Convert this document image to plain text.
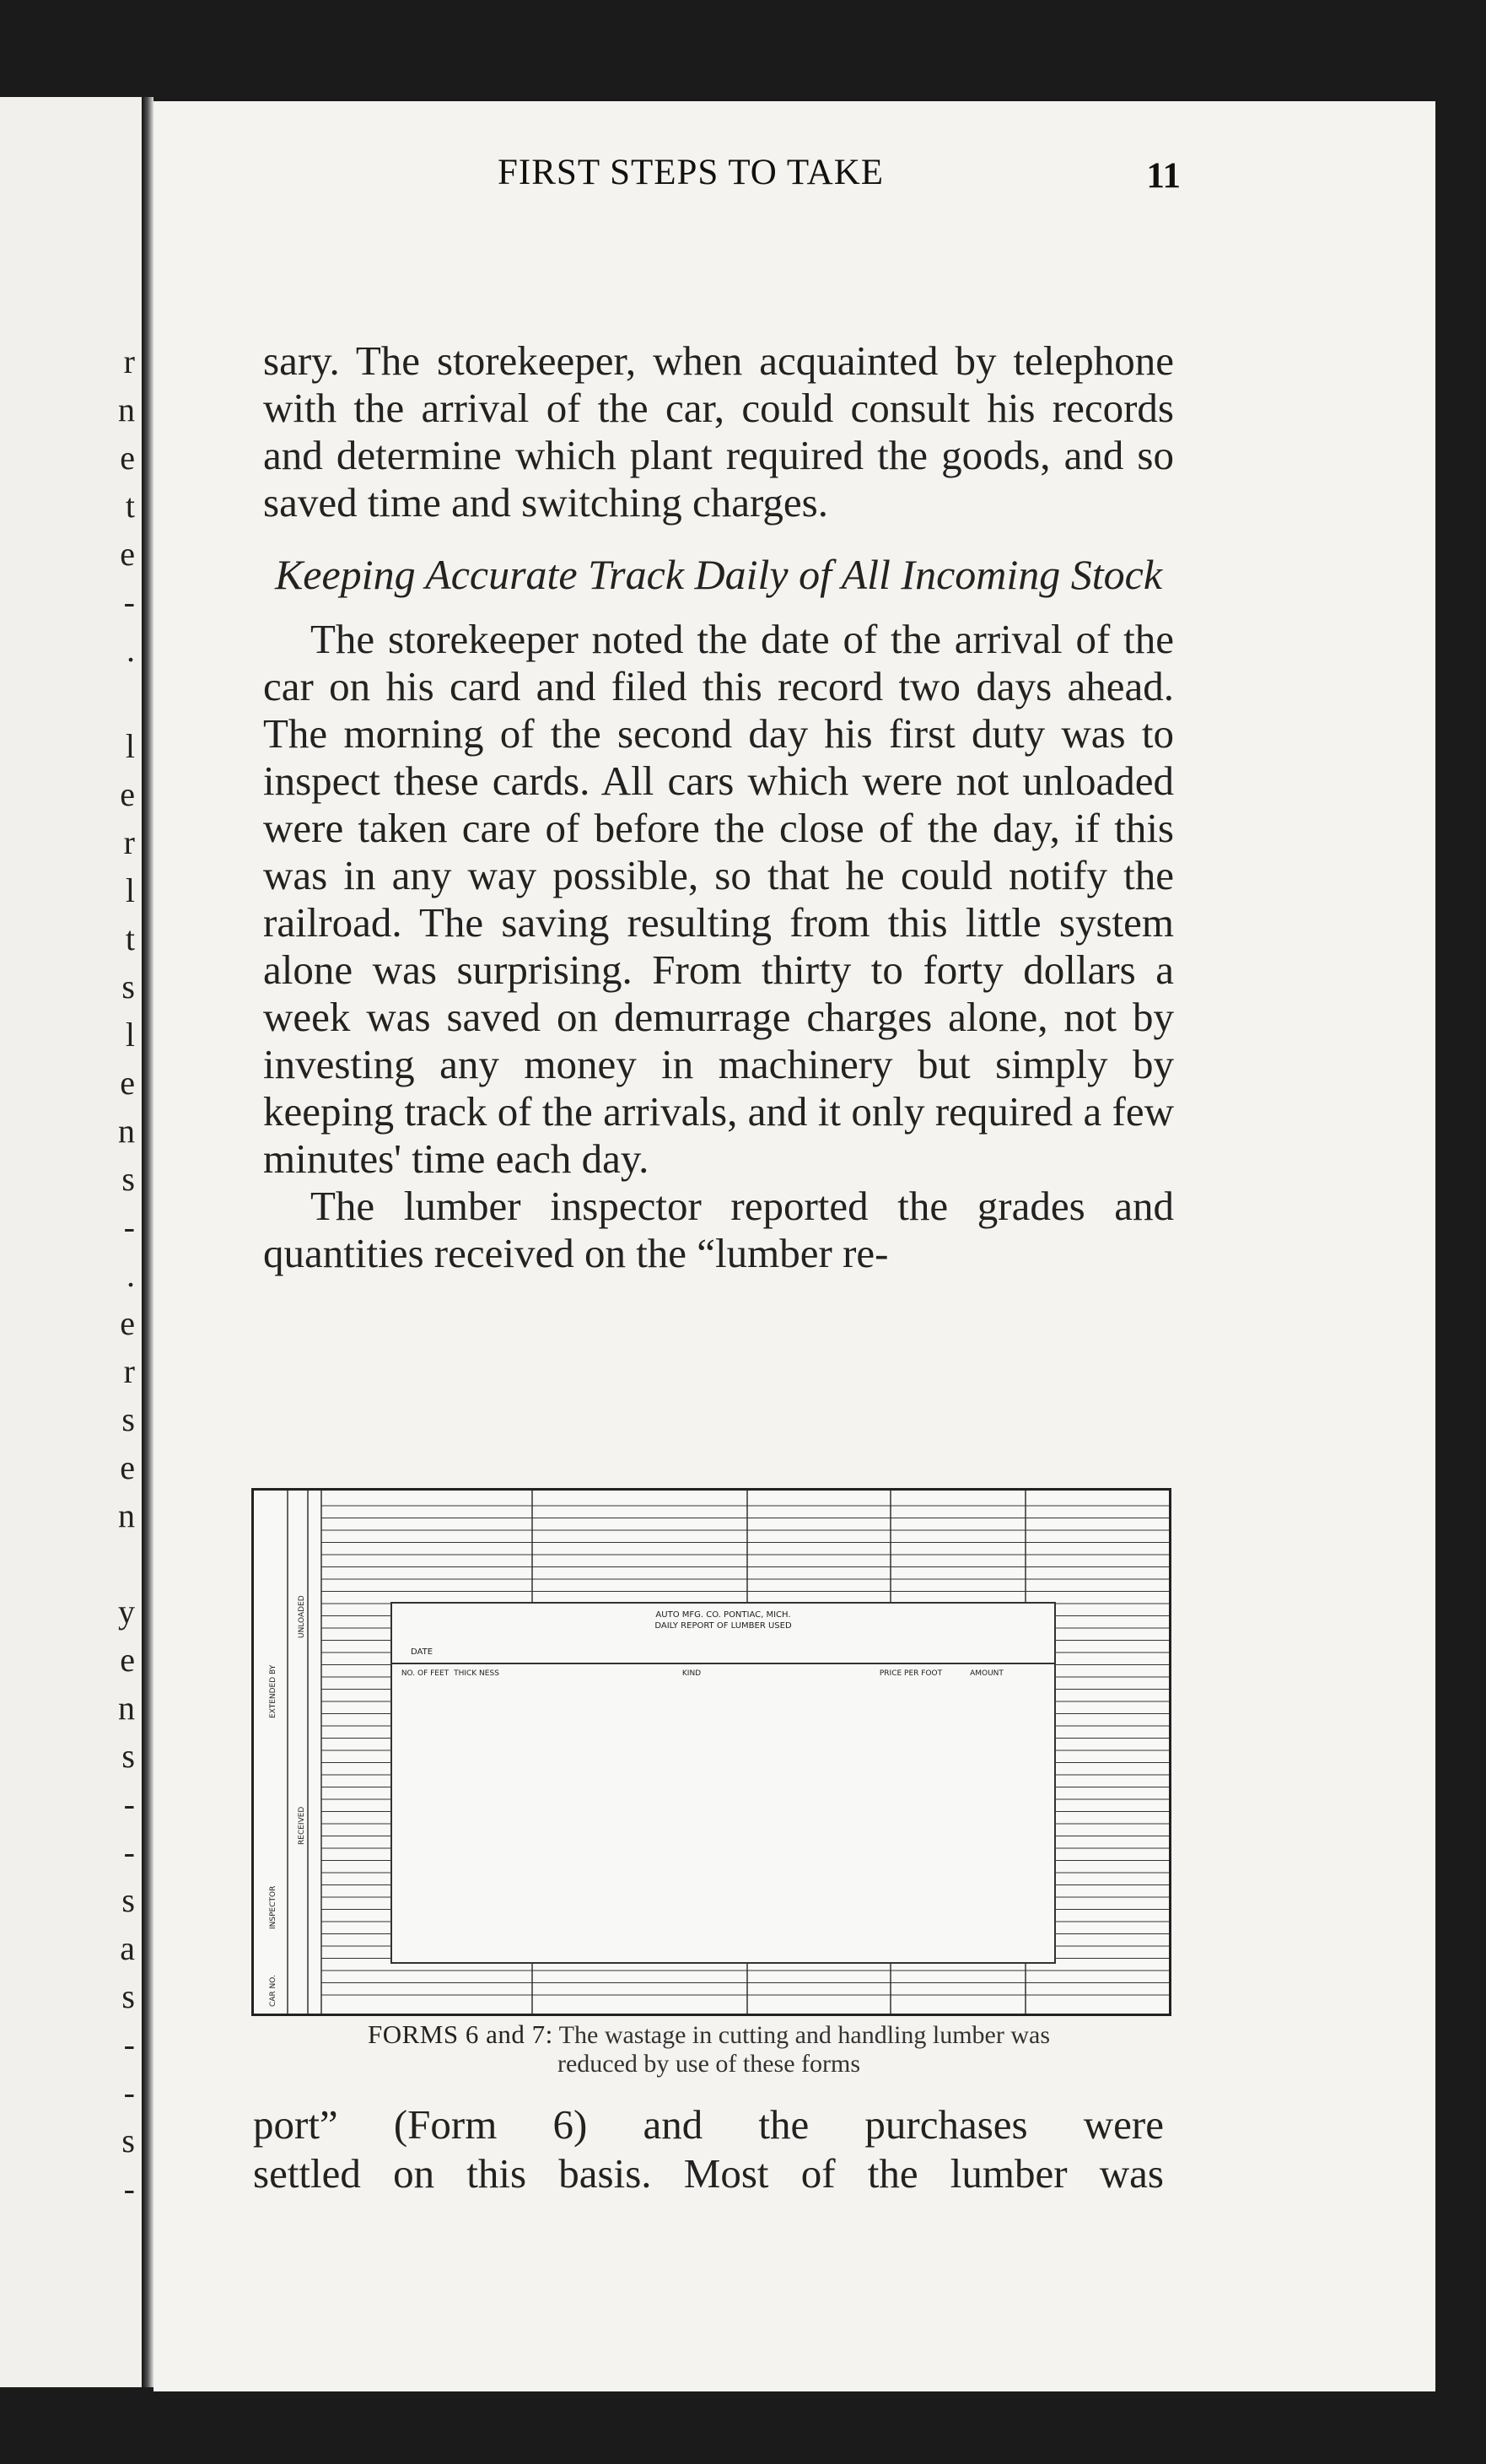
r
n
e
t
e
-
.

l
e
r
l
t
s
l
e
n
s
-
.
e
r
s
e
n

y
e
n
s
-
-
s
a
s
-
-
s
-
FIRST STEPS TO TAKE	11

sary. The storekeeper, when acquainted by telephone with the arrival of the car, could consult his records and determine which plant required the goods, and so saved time and switching charges.

Keeping Accurate Track Daily of All Incoming Stock

The storekeeper noted the date of the arrival of the car on his card and filed this record two days ahead. The morning of the second day his first duty was to inspect these cards. All cars which were not unloaded were taken care of before the close of the day, if this was in any way possible, so that he could notify the railroad. The saving resulting from this little system alone was surprising. From thirty to forty dollars a week was saved on demurrage charges alone, not by investing any money in machinery but simply by keeping track of the arrivals, and it only required a few minutes' time each day.

The lumber inspector reported the grades and quantities received on the “lumber re-

AUTO MFG. CO. PONTIAC, MICH.
DAILY REPORT OF LUMBER USED
DATE
NO. OF FEET THICK NESS	KIND	PRICE PER FOOT	AMOUNT
CAR NO.
INSPECTOR
RECEIVED
EXTENDED BY
UNLOADED
FORMS 6 and 7: The wastage in cutting and handling lumber was
reduced by use of these forms

port” (Form 6) and the purchases were

settled on this basis. Most of the lumber was
